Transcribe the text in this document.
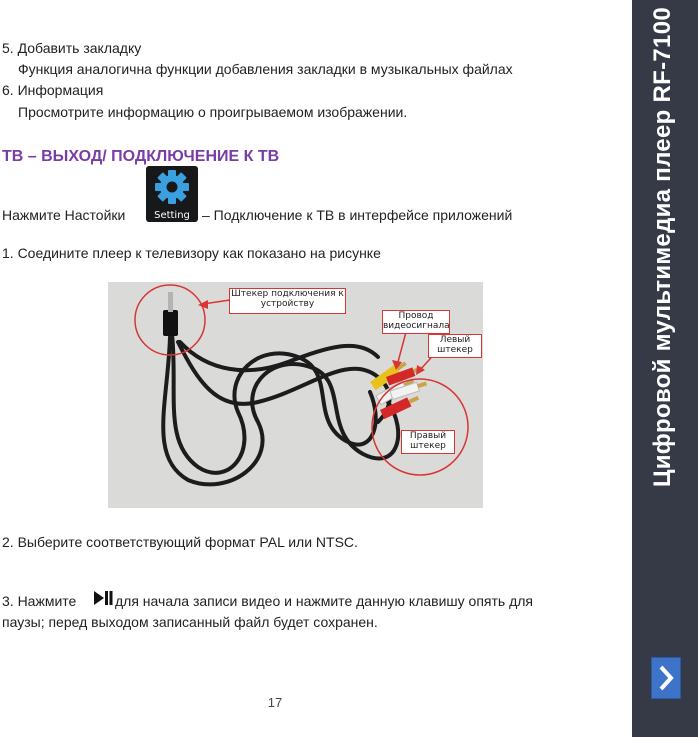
5. Добавить закладку
Функция аналогична функции добавления закладки в музыкальных файлах
6. Информация
Просмотрите информацию о проигрываемом изображении.
ТВ – ВЫХОД/ ПОДКЛЮЧЕНИЕ К ТВ
Нажмите Настойки	Setting – Подключение к ТВ в интерфейсе приложений
1. Соедините плеер к телевизору как показано на рисунке
Штекер подключения к устройству
Провод видеосигнала
Левый штекер
Правый штекер
2. Выберите соответствующий формат PAL или NTSC.
3. Нажмите	для начала записи видео и нажмите данную клавишу опять для
паузы; перед выходом записанный файл будет сохранен.
17
Цифровой мультимедиа плеер RF-7100
